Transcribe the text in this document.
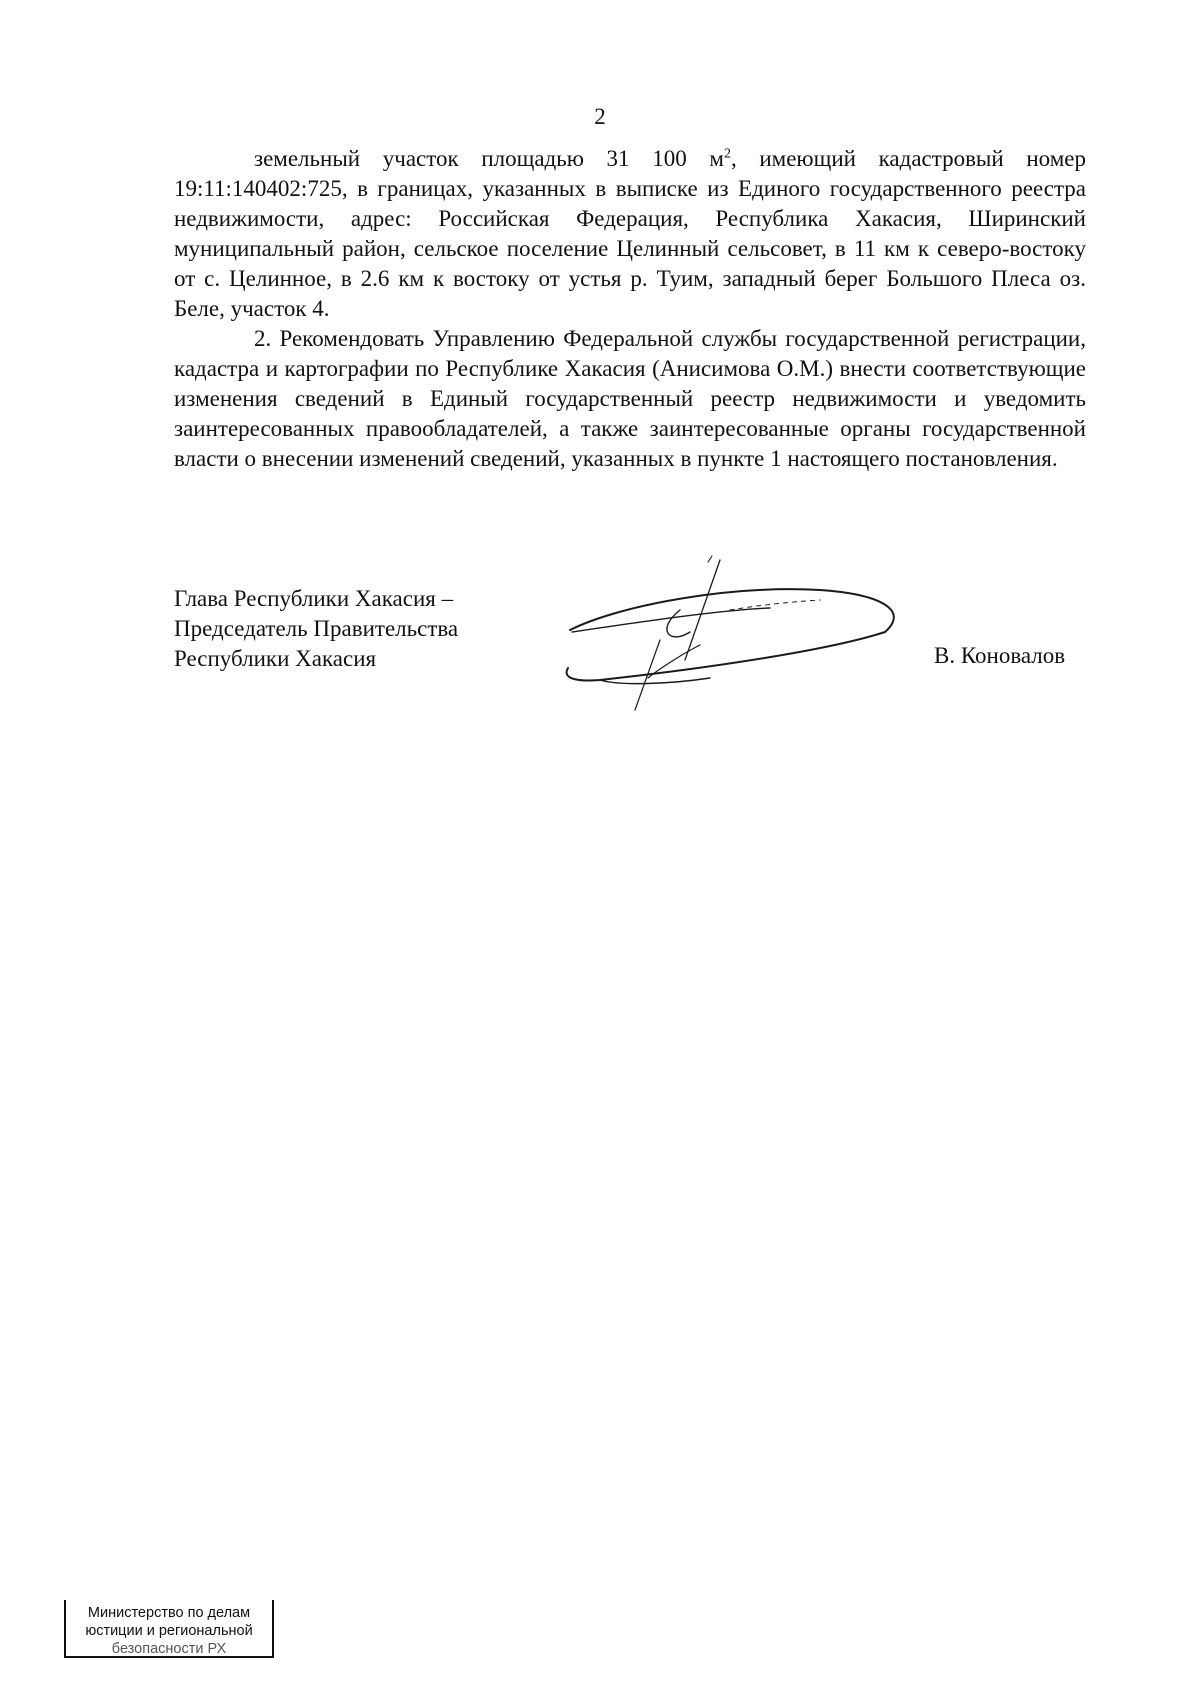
2

земельный участок площадью 31 100 $м^2$, имеющий кадастровый номер 19:11:140402:725, в границах, указанных в выписке из Единого государственного реестра недвижимости, адрес: Российская Федерация, Республика Хакасия, Ширинский муниципальный район, сельское поселение Целинный сельсовет, в 11 км к северо-востоку от с. Целинное, в 2.6 км к востоку от устья р. Туим, западный берег Большого Плеса оз. Беле, участок 4.

2. Рекомендовать Управлению Федеральной службы государственной регистрации, кадастра и картографии по Республике Хакасия (Анисимова О.М.) внести соответствующие изменения сведений в Единый государственный реестр недвижимости и уведомить заинтересованных правообладателей, а также заинтересованные органы государственной власти о внесении изменений сведений, указанных в пункте 1 настоящего постановления.

Глава Республики Хакасия –
Председатель Правительства
Республики Хакасия	В. Коновалов
Министерство по делам
юстиции и региональной
безопасности РХ
